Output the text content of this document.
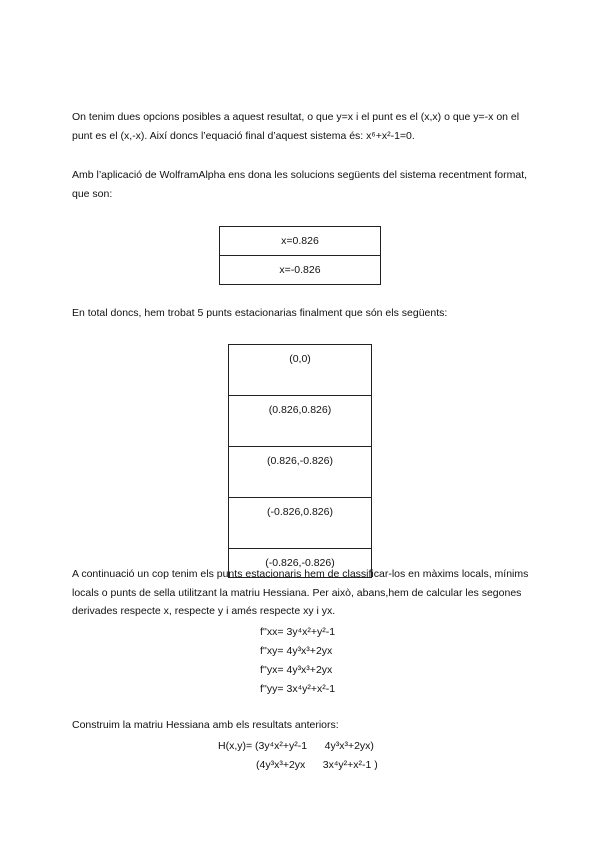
On tenim dues opcions posibles a aquest resultat, o que y=x i el punt es el (x,x) o que y=-x on el punt es el (x,-x). Així doncs l’equació final d’aquest sistema és: x⁶+x²-1=0.

Amb l’aplicació de WolframAlpha ens dona les solucions següents del sistema recentment format, que son:

x=0.826
x=-0.826

En total doncs, hem trobat 5 punts estacionarias finalment que són els següents:

(0,0)
(0.826,0.826)
(0.826,-0.826)
(-0.826,0.826)
(-0.826,-0.826)

A continuació un cop tenim els punts estacionaris hem de classificar-los en màxims locals, mínims locals o punts de sella utilitzant la matriu Hessiana. Per això, abans,hem de calcular les segones derivades respecte x, respecte y i amés respecte xy i yx.

f''xx= 3y⁴x²+y²-1
f''xy= 4y³x³+2yx
f''yx= 4y³x³+2yx
f''yy= 3x⁴y²+x²-1

Construim la matriu Hessiana amb els resultats anteriors:

H(x,y)= (3y⁴x²+y²-1      4y³x³+2yx)
(4y³x³+2yx      3x⁴y²+x²-1 )
